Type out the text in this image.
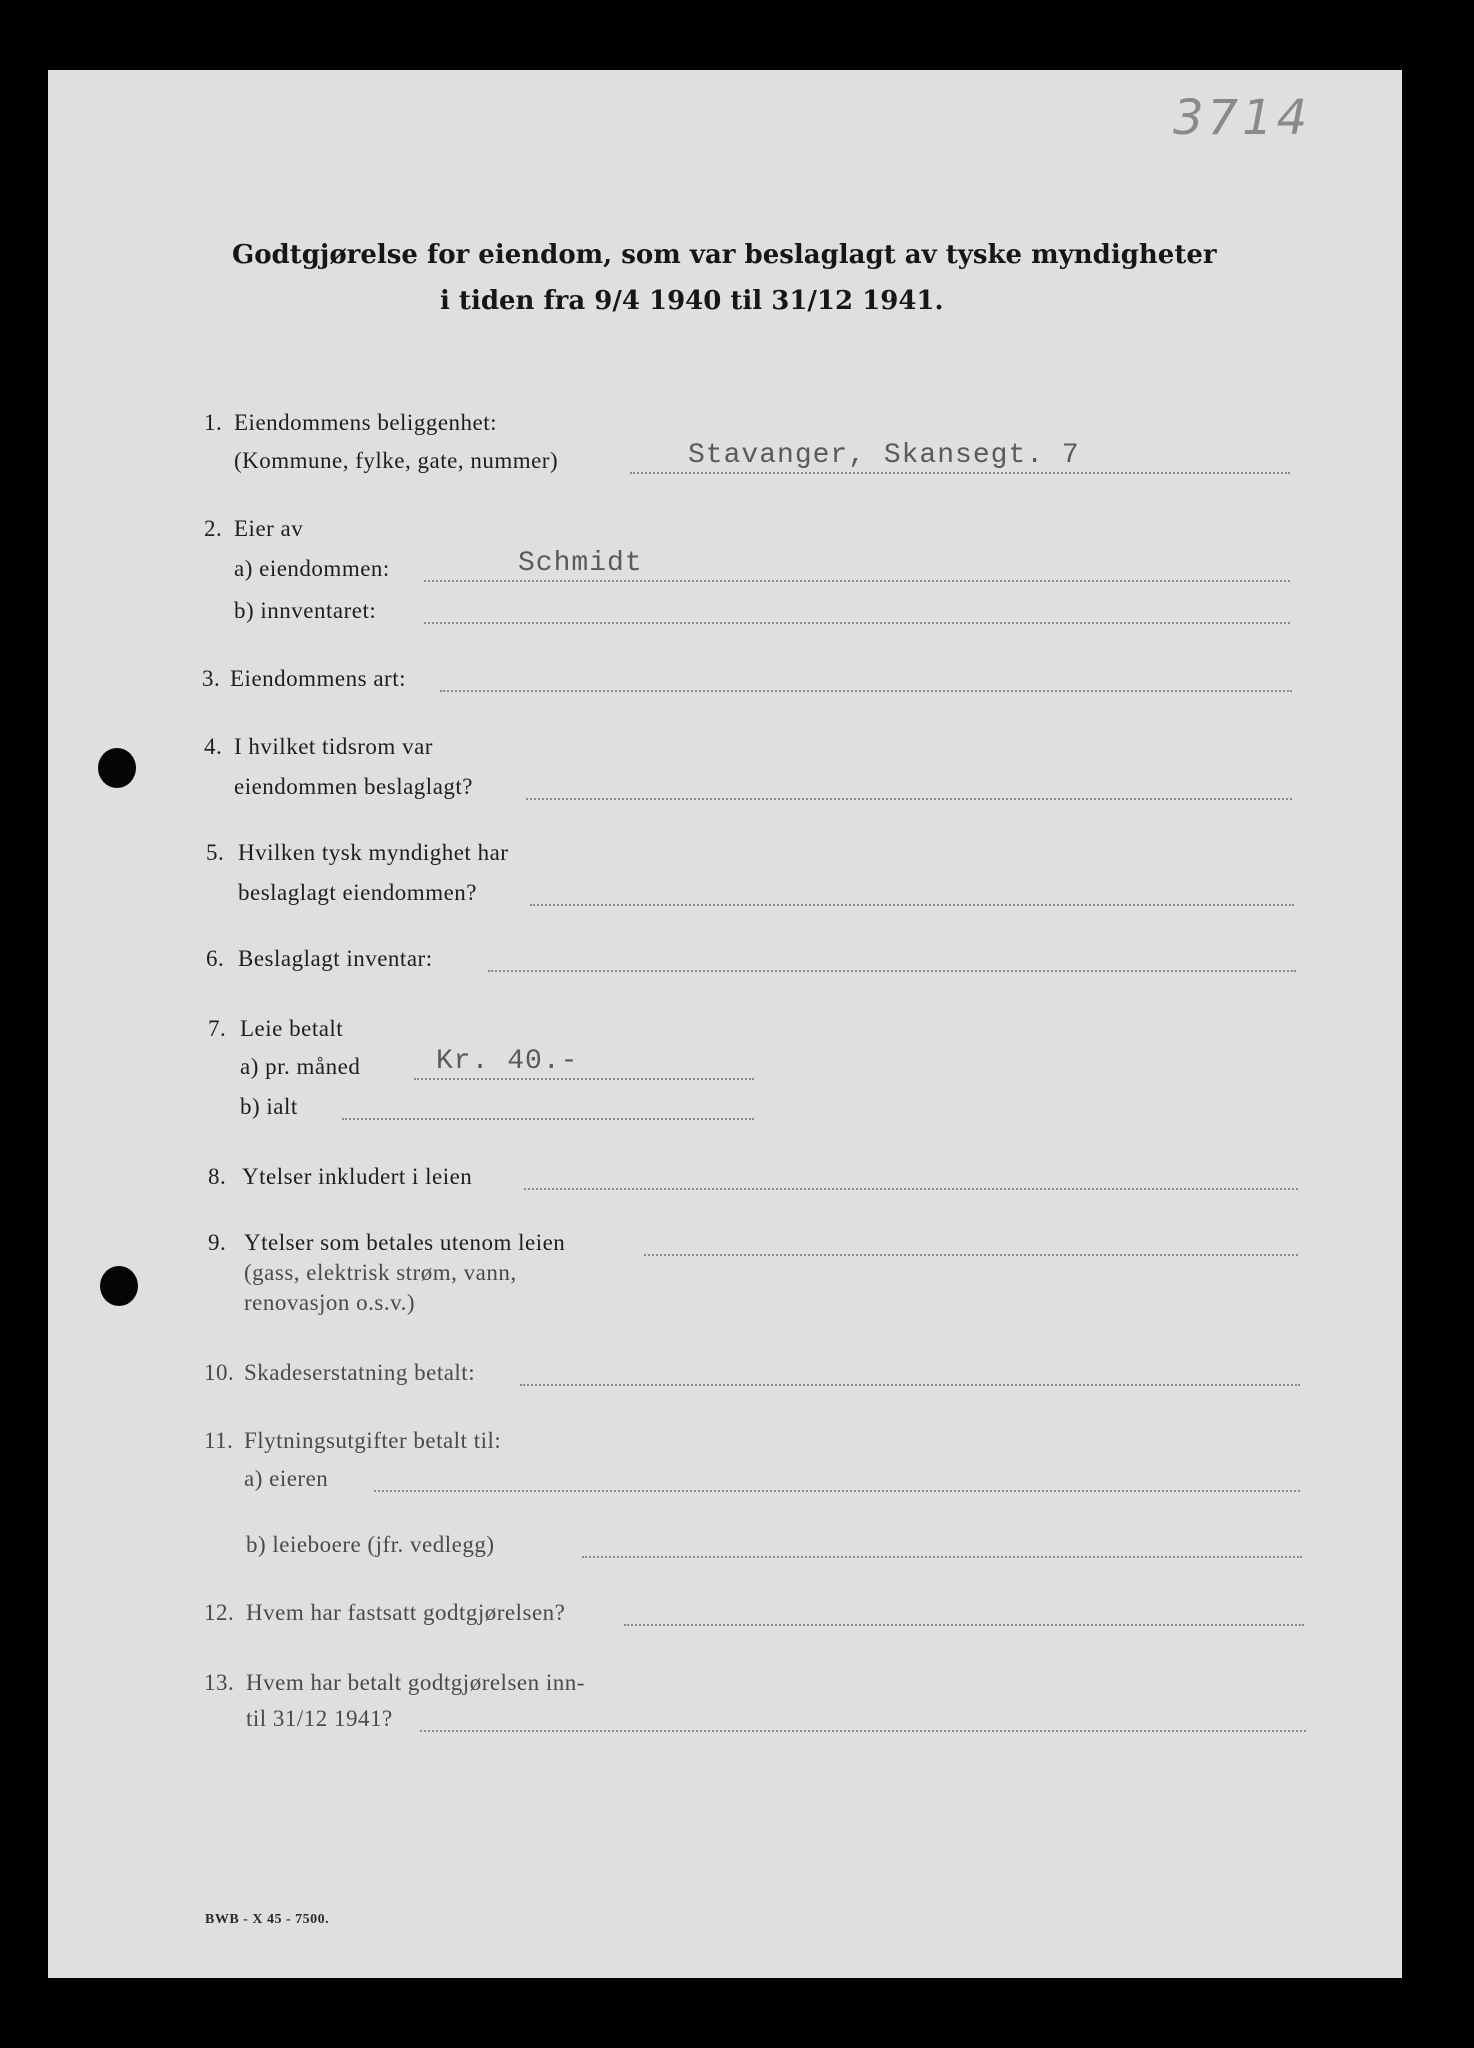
3714
Godtgjørelse for eiendom, som var beslaglagt av tyske myndigheter
i tiden fra 9/4 1940 til 31/12 1941.
1. Eiendommens beliggenhet:
(Kommune, fylke, gate, nummer)	Stavanger, Skansegt. 7
2. Eier av
a) eiendommen:	Schmidt
b) innventaret:
3. Eiendommens art:
4. I hvilket tidsrom var
eiendommen beslaglagt?
5. Hvilken tysk myndighet har
beslaglagt eiendommen?
6. Beslaglagt inventar:
7. Leie betalt
a) pr. måned	Kr. 40.-
b) ialt
8. Ytelser inkludert i leien
9. Ytelser som betales utenom leien
(gass, elektrisk strøm, vann,
renovasjon o.s.v.)
10. Skadeserstatning betalt:
11. Flytningsutgifter betalt til:
a) eieren
b) leieboere (jfr. vedlegg)
12. Hvem har fastsatt godtgjørelsen?
13. Hvem har betalt godtgjørelsen inn-
til 31/12 1941?
BWB - X 45 - 7500.
